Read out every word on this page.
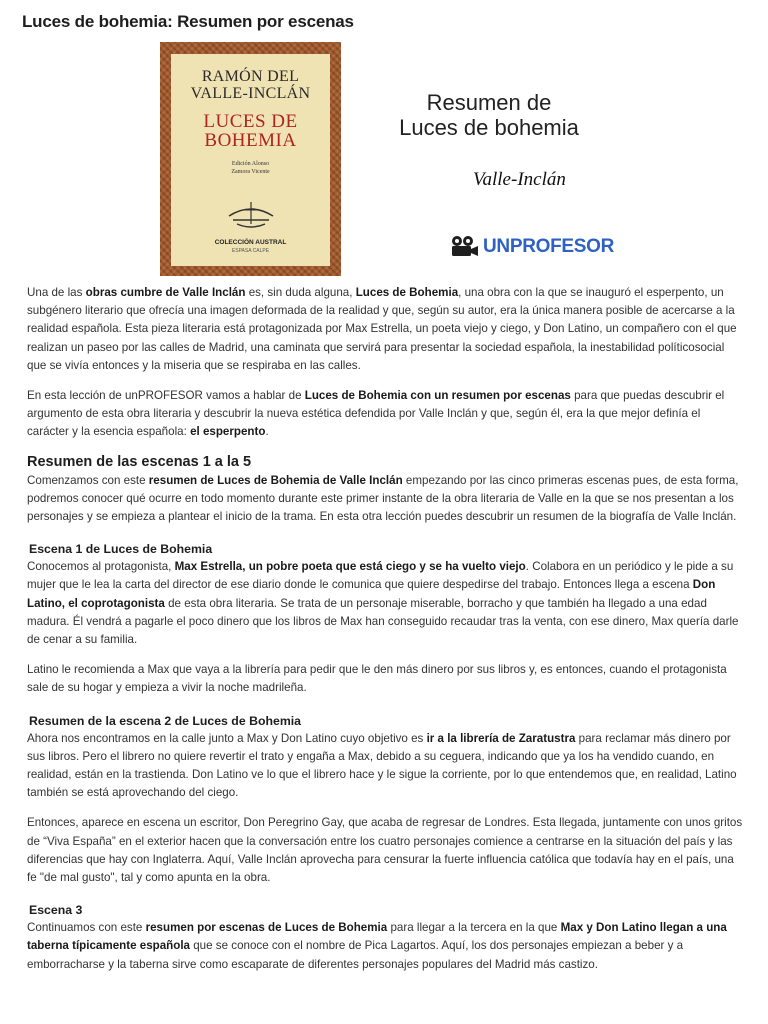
Luces de bohemia: Resumen por escenas
RAMÓN DEL VALLE-INCLÁN
LUCES DE BOHEMIA
Edición Alonso Zamora Vicente
COLECCIÓN AUSTRAL
ESPASA CALPE
Resumen de
Luces de bohemia
Valle-Inclán
UNPROFESOR

Una de las obras cumbre de Valle Inclán es, sin duda alguna, Luces de Bohemia, una obra con la que se inauguró el esperpento, un subgénero literario que ofrecía una imagen deformada de la realidad y que, según su autor, era la única manera posible de acercarse a la realidad española. Esta pieza literaria está protagonizada por Max Estrella, un poeta viejo y ciego, y Don Latino, un compañero con el que realizan un paseo por las calles de Madrid, una caminata que servirá para presentar la sociedad española, la inestabilidad políticosocial que se vivía entonces y la miseria que se respiraba en las calles.

En esta lección de unPROFESOR vamos a hablar de Luces de Bohemia con un resumen por escenas para que puedas descubrir el argumento de esta obra literaria y descubrir la nueva estética defendida por Valle Inclán y que, según él, era la que mejor definía el carácter y la esencia española: el esperpento.

Resumen de las escenas 1 a la 5

Comenzamos con este resumen de Luces de Bohemia de Valle Inclán empezando por las cinco primeras escenas pues, de esta forma, podremos conocer qué ocurre en todo momento durante este primer instante de la obra literaria de Valle en la que se nos presentan a los personajes y se empieza a plantear el inicio de la trama. En esta otra lección puedes descubrir un resumen de la biografía de Valle Inclán.

Escena 1 de Luces de Bohemia

Conocemos al protagonista, Max Estrella, un pobre poeta que está ciego y se ha vuelto viejo. Colabora en un periódico y le pide a su mujer que le lea la carta del director de ese diario donde le comunica que quiere despedirse del trabajo. Entonces llega a escena Don Latino, el coprotagonista de esta obra literaria. Se trata de un personaje miserable, borracho y que también ha llegado a una edad madura. Él vendrá a pagarle el poco dinero que los libros de Max han conseguido recaudar tras la venta, con ese dinero, Max quería darle de cenar a su familia.

Latino le recomienda a Max que vaya a la librería para pedir que le den más dinero por sus libros y, es entonces, cuando el protagonista sale de su hogar y empieza a vivir la noche madrileña.

Resumen de la escena 2 de Luces de Bohemia

Ahora nos encontramos en la calle junto a Max y Don Latino cuyo objetivo es ir a la librería de Zaratustra para reclamar más dinero por sus libros. Pero el librero no quiere revertir el trato y engaña a Max, debido a su ceguera, indicando que ya los ha vendido cuando, en realidad, están en la trastienda. Don Latino ve lo que el librero hace y le sigue la corriente, por lo que entendemos que, en realidad, Latino también se está aprovechando del ciego.

Entonces, aparece en escena un escritor, Don Peregrino Gay, que acaba de regresar de Londres. Esta llegada, juntamente con unos gritos de “Viva España” en el exterior hacen que la conversación entre los cuatro personajes comience a centrarse en la situación del país y las diferencias que hay con Inglaterra. Aquí, Valle Inclán aprovecha para censurar la fuerte influencia católica que todavía hay en el país, una fe "de mal gusto", tal y como apunta en la obra.

Escena 3

Continuamos con este resumen por escenas de Luces de Bohemia para llegar a la tercera en la que Max y Don Latino llegan a una taberna típicamente española que se conoce con el nombre de Pica Lagartos. Aquí, los dos personajes empiezan a beber y a emborracharse y la taberna sirve como escaparate de diferentes personajes populares del Madrid más castizo.
